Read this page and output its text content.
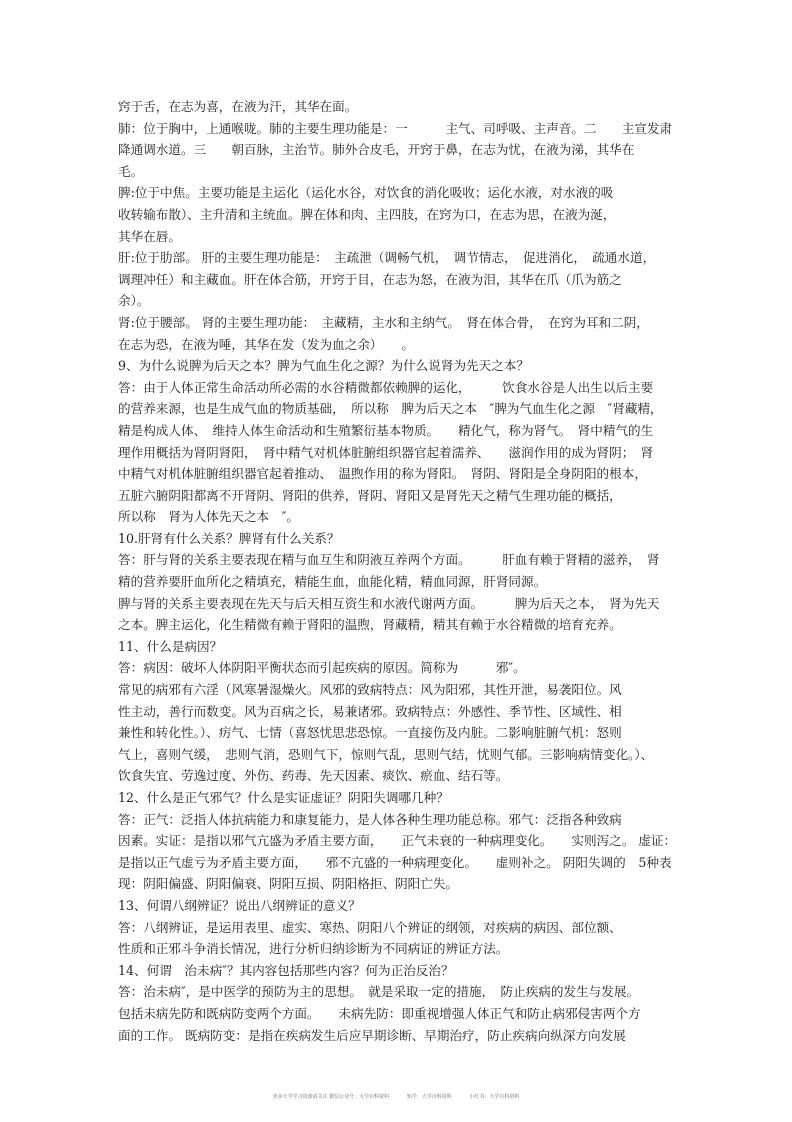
窍于舌，在志为喜，在液为汗，其华在面。
肺：位于胸中，上通喉咙。肺的主要生理功能是：一　　　主气、司呼吸、主声音。二　　主宣发肃
降通调水道。三　　朝百脉，主治节。肺外合皮毛，开窍于鼻，在志为忧，在液为涕，其华在
毛。
脾:位于中焦。主要功能是主运化（运化水谷，对饮食的消化吸收；运化水液，对水液的吸
收转输布散）、主升清和主统血。脾在体和肉、主四肢，在窍为口，在志为思，在液为涎，
其华在唇。
肝:位于肋部。 肝的主要生理功能是：　主疏泄（调畅气机，　调节情志，　促进消化，　疏通水道，
调理冲任）和主藏血。肝在体合筋，开窍于目，在志为怒，在液为泪，其华在爪（爪为筋之
余）。
肾:位于腰部。 肾的主要生理功能：　主藏精，主水和主纳气。　肾在体合骨，　在窍为耳和二阴，
在志为恐，在液为唾，其华在发（发为血之余）　　。
9、为什么说脾为后天之本？脾为气血生化之源？为什么说肾为先天之本？
答：由于人体正常生命活动所必需的水谷精微都依赖脾的运化，　　　饮食水谷是人出生以后主要
的营养来源，也是生成气血的物质基础，　所以称　脾为后天之本　″脾为气血生化之源　″肾藏精，
精是构成人体、　维持人体生命活动和生殖繁衍基本物质。　　精化气，称为肾气。　肾中精气的生
理作用概括为肾阴肾阳，　肾中精气对机体脏腑组织器官起着濡养、　　滋润作用的成为肾阴；　肾
中精气对机体脏腑组织器官起着推动、　温煦作用的称为肾阳。　肾阴、肾阳是全身阴阳的根本，
五脏六腑阴阳都离不开肾阴、肾阳的供养，肾阴、肾阳又是肾先天之精气生理功能的概括，
所以称　肾为人体先天之本　″。
10.肝肾有什么关系？脾肾有什么关系？
答：肝与肾的关系主要表现在精与血互生和阴液互养两个方面。　　　肝血有赖于肾精的滋养，　肾
精的营养要肝血所化之精填充，精能生血，血能化精，精血同源，肝肾同源。
脾与肾的关系主要表现在先天与后天相互资生和水液代谢两方面。　　　脾为后天之本，　肾为先天
之本。脾主运化，化生精微有赖于肾阳的温煦，肾藏精，精其有赖于水谷精微的培育充养。
11、什么是病因？
答：病因：破坏人体阴阳平衡状态而引起疾病的原因。简称为　　　邪″。
常见的病邪有六淫（风寒暑湿燥火。风邪的致病特点：风为阳邪，其性开泄，易袭阳位。风
性主动，善行而数变。风为百病之长，易兼诸邪。致病特点：外感性、季节性、区域性、相
兼性和转化性。）、疠气、七情（喜怒忧思悲恐惊。一直接伤及内脏。二影响脏腑气机：怒则
气上，喜则气缓，　悲则气消，恐则气下，惊则气乱，思则气结，忧则气郁。三影响病情变化。）、
饮食失宜、劳逸过度、外伤、药毒、先天因素、痰饮、瘀血、结石等。
12、什么是正气邪气？什么是实证虚证？阴阳失调哪几种？
答：正气：泛指人体抗病能力和康复能力，是人体各种生理功能总称。邪气：泛指各种致病
因素。实证：是指以邪气亢盛为矛盾主要方面，　　正气未衰的一种病理变化。　　实则泻之。 虚证：
是指以正气虚亏为矛盾主要方面，　　邪不亢盛的一种病理变化。　　虚则补之。 阴阳失调的　5种表
现：阴阳偏盛、阴阳偏衰、阴阳互损、阴阳格拒、阴阳亡失。
13、何谓八纲辨证？说出八纲辨证的意义？
答：八纲辨证，是运用表里、虚实、寒热、阴阳八个辨证的纲领，对疾病的病因、部位额、
性质和正邪斗争消长情况，进行分析归纳诊断为不同病证的辨证方法。
14、何谓　治未病″？其内容包括那些内容？何为正治反治？
答：治未病″，是中医学的预防为主的思想。　就是采取一定的措施，　防止疾病的发生与发展。
包括未病先防和既病防变两个方面。　　未病先防：即重视增强人体正气和防止病邪侵害两个方
面的工作。 既病防变：是指在疾病发生后应早期诊断、早期治疗，防止疾病向纵深方向发展
更多大学学习资源请关注 微信公众号：大学百科资料	知乎：大学百科资料	小红书：大学百科资料
